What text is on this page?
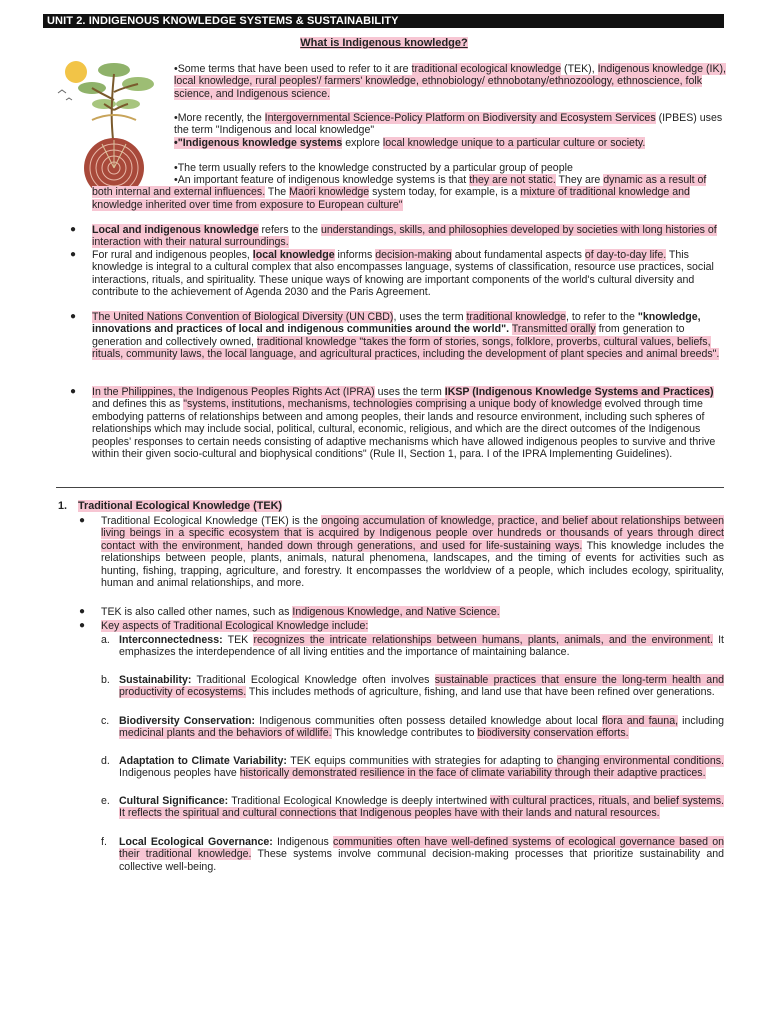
UNIT 2. INDIGENOUS KNOWLEDGE SYSTEMS & SUSTAINABILITY
What is Indigenous knowledge?
•Some terms that have been used to refer to it are traditional ecological knowledge (TEK), Indigenous knowledge (IK), local knowledge, rural peoples'/ farmers' knowledge, ethnobiology/ ethnobotany/ethnozoology, ethnoscience, folk science, and Indigenous science.
•More recently, the Intergovernmental Science-Policy Platform on Biodiversity and Ecosystem Services (IPBES) uses the term "Indigenous and local knowledge"
•"Indigenous knowledge systems explore local knowledge unique to a particular culture or society.
•The term usually refers to the knowledge constructed by a particular group of people
•An important feature of indigenous knowledge systems is that they are not static. They are dynamic as a result of both internal and external influences. The Maori knowledge system today, for example, is a mixture of traditional knowledge and knowledge inherited over time from exposure to European culture"
● Local and indigenous knowledge refers to the understandings, skills, and philosophies developed by societies with long histories of interaction with their natural surroundings.
● For rural and indigenous peoples, local knowledge informs decision-making about fundamental aspects of day-to-day life. This knowledge is integral to a cultural complex that also encompasses language, systems of classification, resource use practices, social interactions, rituals, and spirituality. These unique ways of knowing are important components of the world's cultural diversity and contribute to the achievement of Agenda 2030 and the Paris Agreement.
● The United Nations Convention of Biological Diversity (UN CBD), uses the term traditional knowledge, to refer to the "knowledge, innovations and practices of local and indigenous communities around the world". Transmitted orally from generation to generation and collectively owned, traditional knowledge "takes the form of stories, songs, folklore, proverbs, cultural values, beliefs, rituals, community laws, the local language, and agricultural practices, including the development of plant species and animal breeds".
● In the Philippines, the Indigenous Peoples Rights Act (IPRA) uses the term IKSP (Indigenous Knowledge Systems and Practices) and defines this as "systems, institutions, mechanisms, technologies comprising a unique body of knowledge evolved through time embodying patterns of relationships between and among peoples, their lands and resource environment, including such spheres of relationships which may include social, political, cultural, economic, religious, and which are the direct outcomes of the Indigenous peoples' responses to certain needs consisting of adaptive mechanisms which have allowed indigenous peoples to survive and thrive within their given socio-cultural and biophysical conditions" (Rule II, Section 1, para. I of the IPRA Implementing Guidelines).
1. Traditional Ecological Knowledge (TEK)
● Traditional Ecological Knowledge (TEK) is the ongoing accumulation of knowledge, practice, and belief about relationships between living beings in a specific ecosystem that is acquired by Indigenous people over hundreds or thousands of years through direct contact with the environment, handed down through generations, and used for life-sustaining ways. This knowledge includes the relationships between people, plants, animals, natural phenomena, landscapes, and the timing of events for activities such as hunting, fishing, trapping, agriculture, and forestry. It encompasses the worldview of a people, which includes ecology, spirituality, human and animal relationships, and more.
● TEK is also called other names, such as Indigenous Knowledge, and Native Science.
● Key aspects of Traditional Ecological Knowledge include:
a. Interconnectedness: TEK recognizes the intricate relationships between humans, plants, animals, and the environment. It emphasizes the interdependence of all living entities and the importance of maintaining balance.
b. Sustainability: Traditional Ecological Knowledge often involves sustainable practices that ensure the long-term health and productivity of ecosystems. This includes methods of agriculture, fishing, and land use that have been refined over generations.
c. Biodiversity Conservation: Indigenous communities often possess detailed knowledge about local flora and fauna, including medicinal plants and the behaviors of wildlife. This knowledge contributes to biodiversity conservation efforts.
d. Adaptation to Climate Variability: TEK equips communities with strategies for adapting to changing environmental conditions. Indigenous peoples have historically demonstrated resilience in the face of climate variability through their adaptive practices.
e. Cultural Significance: Traditional Ecological Knowledge is deeply intertwined with cultural practices, rituals, and belief systems. It reflects the spiritual and cultural connections that Indigenous peoples have with their lands and natural resources.
f. Local Ecological Governance: Indigenous communities often have well-defined systems of ecological governance based on their traditional knowledge. These systems involve communal decision-making processes that prioritize sustainability and collective well-being.
